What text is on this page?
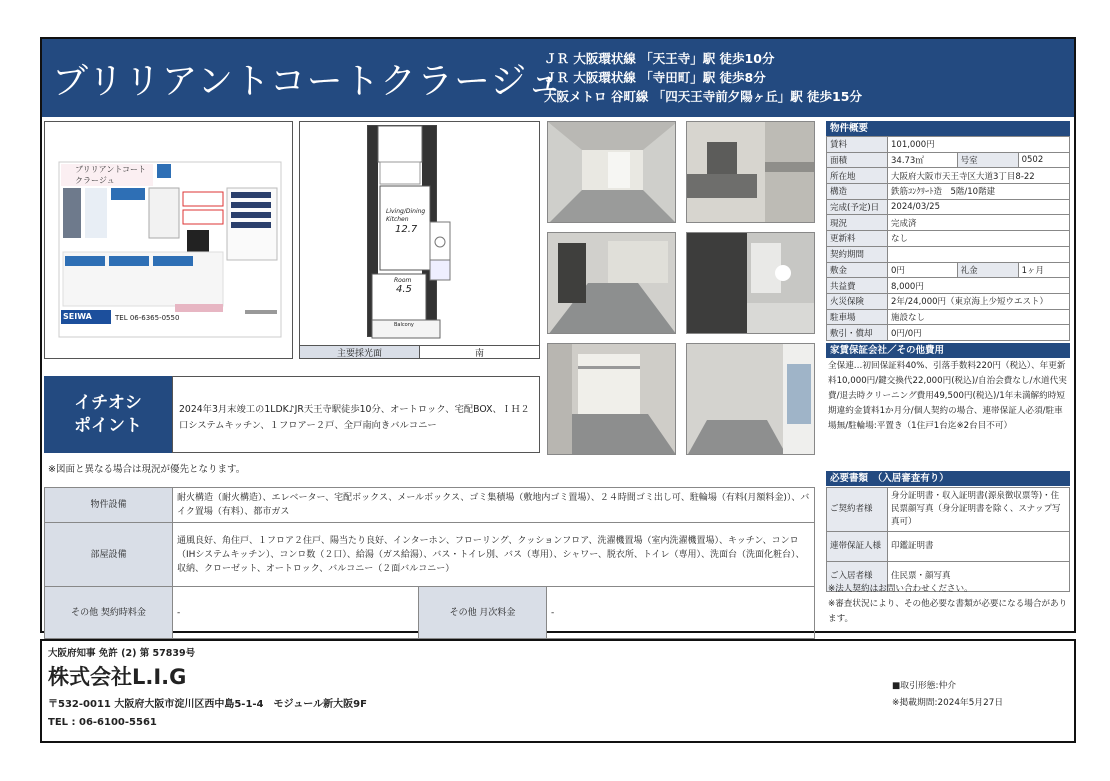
ブリリアントコートクラージュ
ＪＲ 大阪環状線 「天王寺」駅 徒歩10分
ＪＲ 大阪環状線 「寺田町」駅 徒歩8分
大阪メトロ 谷町線 「四天王寺前夕陽ヶ丘」駅 徒歩15分
ブリリアントコート クラージュ
SEIWA	TEL 06-6365-0550
Living/Dining Kitchen
12.7
Room
4.5
Balcony
主要採光面	南
イチオシ
ポイント
2024年3月末竣工の1LDK♪JR天王寺駅徒歩10分、オートロック、宅配BOX、ＩＨ２口システムキッチン、１フロアー２戸、全戸南向きバルコニー
※図面と異なる場合は現況が優先となります。
物件設備	耐火構造（耐火構造）、エレベーター、宅配ボックス、メールボックス、ゴミ集積場（敷地内ゴミ置場）、２４時間ゴミ出し可、駐輪場（有料(月額料金)）、バイク置場（有料）、都市ガス		
部屋設備	通風良好、角住戸、１フロア２住戸、陽当たり良好、インターホン、フローリング、クッションフロア、洗濯機置場（室内洗濯機置場）、キッチン、コンロ（IHシステムキッチン）、コンロ数（２口）、給湯（ガス給湯）、バス・トイレ別、バス（専用）、シャワー、脱衣所、トイレ（専用）、洗面台（洗面化粧台）、収納、クローゼット、オートロック、バルコニー（２面バルコニー）		
その他 契約時料金	-	その他 月次料金	-
物件概要
賃料	101,000円		
面積	34.73㎡	号室	0502
所在地	大阪府大阪市天王寺区大道3丁目8-22		
構造	鉄筋ｺﾝｸﾘｰﾄ造　5階/10階建		
完成(予定)日	2024/03/25		
現況	完成済		
更新料	なし		
契約期間			
敷金	0円	礼金	1ヶ月
共益費	8,000円		
火災保険	2年/24,000円（東京海上少短ウエスト）		
駐車場	施設なし		
敷引・償却	0円/0円		
家賃保証会社／その他費用
全保連…初回保証料40%、引落手数料220円（税込）、年更新料10,000円/鍵交換代22,000円(税込)/自治会費なし/水道代実費/退去時クリーニング費用49,500円(税込)/1年未満解約時短期違約金賃料1か月分/個人契約の場合、連帯保証人必須/駐車場無/駐輪場:平置き（1住戸1台迄※2台目不可）
必要書類　（入居審査有り）
ご契約者様	身分証明書・収入証明書(源泉徴収票等)・住民票顔写真（身分証明書を除く、スナップ写真可）
連帯保証人様	印鑑証明書
ご入居者様	住民票・顔写真
※法人契約はお問い合わせください。
※審査状況により、その他必要な書類が必要になる場合があります。
大阪府知事 免許 (2) 第 57839号
株式会社L.I.G
〒532-0011 大阪府大阪市淀川区西中島5-1-4　モジュール新大阪9F
TEL : 06-6100-5561
■取引形態:仲介
※掲載期間:2024年5月27日
